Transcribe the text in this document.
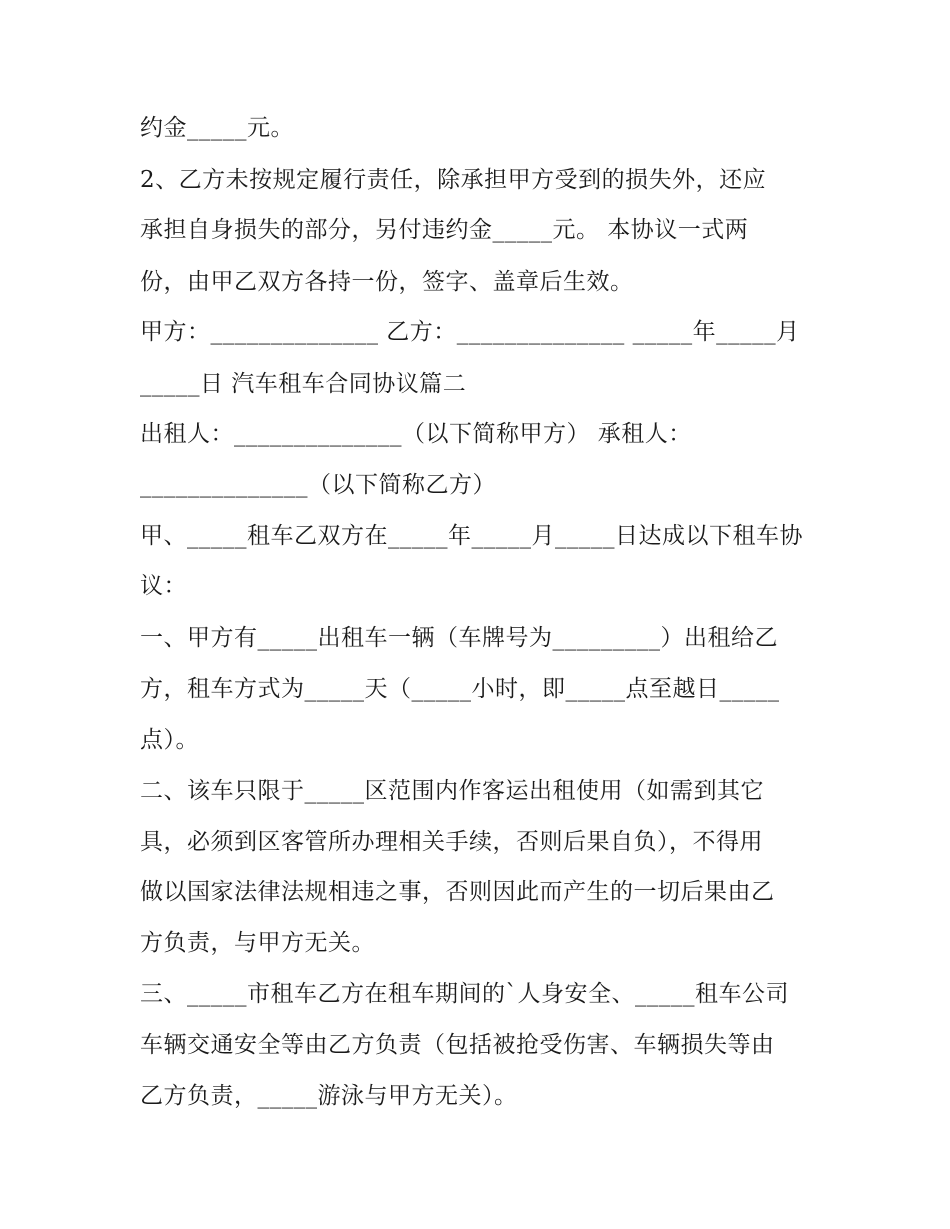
约金_____元。

2、乙方未按规定履行责任，除承担甲方受到的损失外，还应

承担自身损失的部分，另付违约金_____元。 本协议一式两

份，由甲乙双方各持一份，签字、盖章后生效。

甲方：______________ 乙方：______________ _____年_____月

_____日 汽车租车合同协议篇二

出租人：______________（以下简称甲方） 承租人：

______________（以下简称乙方）

甲、_____租车乙双方在_____年_____月_____日达成以下租车协

议：

一、甲方有_____出租车一辆（车牌号为_________）出租给乙

方，租车方式为_____天（_____小时，即_____点至越日_____

点）。

二、该车只限于_____区范围内作客运出租使用（如需到其它

具，必须到区客管所办理相关手续，否则后果自负），不得用

做以国家法律法规相违之事，否则因此而产生的一切后果由乙

方负责，与甲方无关。

三、_____市租车乙方在租车期间的`人身安全、_____租车公司

车辆交通安全等由乙方负责（包括被抢受伤害、车辆损失等由

乙方负责，_____游泳与甲方无关）。
